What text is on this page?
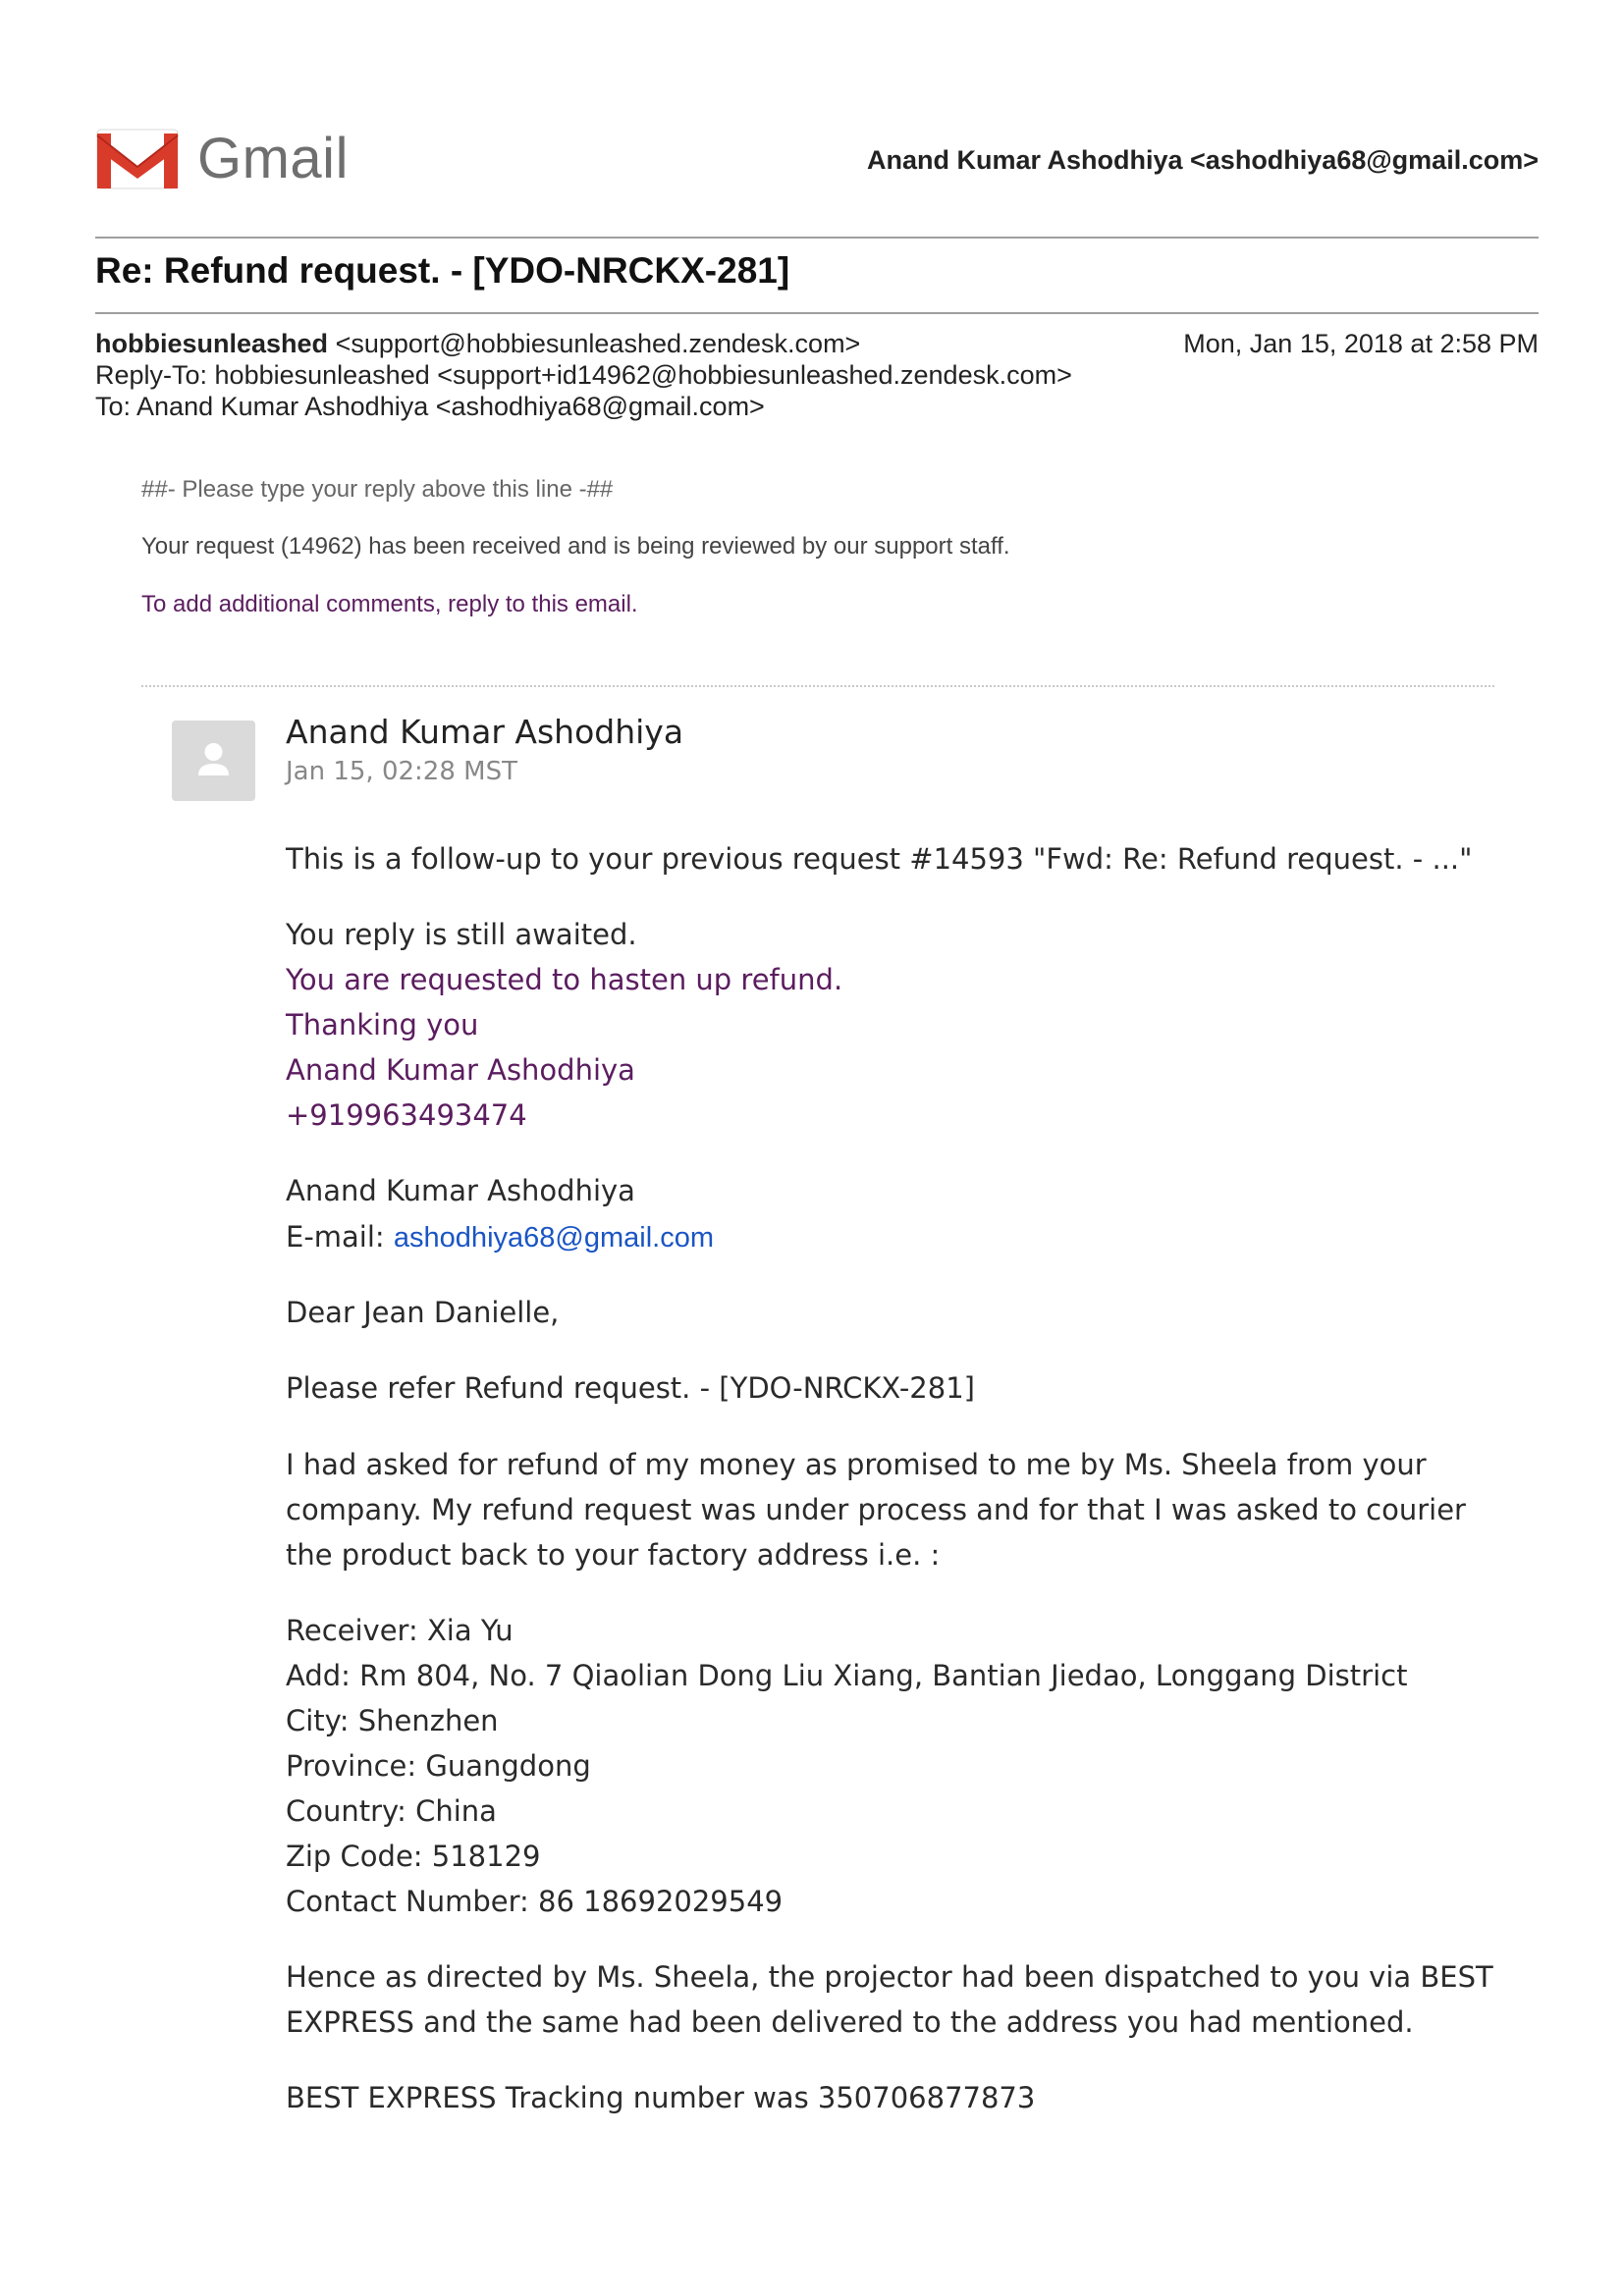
Gmail	Anand Kumar Ashodhiya <ashodhiya68@gmail.com>
Re: Refund request. - [YDO-NRCKX-281]
hobbiesunleashed <support@hobbiesunleashed.zendesk.com>
Reply-To: hobbiesunleashed <support+id14962@hobbiesunleashed.zendesk.com>
To: Anand Kumar Ashodhiya <ashodhiya68@gmail.com>
Mon, Jan 15, 2018 at 2:58 PM

##- Please type your reply above this line -##

Your request (14962) has been received and is being reviewed by our support staff.

To add additional comments, reply to this email.

Anand Kumar Ashodhiya

Jan 15, 02:28 MST

This is a follow-up to your previous request #14593 "Fwd: Re: Refund request. - ..."

You reply is still awaited.

You are requested to hasten up refund.

Thanking you

Anand Kumar Ashodhiya

+919963493474

Anand Kumar Ashodhiya

E-mail: ashodhiya68@gmail.com

Dear Jean Danielle,

Please refer Refund request. - [YDO-NRCKX-281]

I had asked for refund of my money as promised to me by Ms. Sheela from your

company. My refund request was under process and for that I was asked to courier

the product back to your factory address i.e. :

Receiver: Xia Yu

Add: Rm 804, No. 7 Qiaolian Dong Liu Xiang, Bantian Jiedao, Longgang District

City: Shenzhen

Province: Guangdong

Country: China

Zip Code: 518129

Contact Number: 86 18692029549

Hence as directed by Ms. Sheela, the projector had been dispatched to you via BEST

EXPRESS and the same had been delivered to the address you had mentioned.

BEST EXPRESS Tracking number was 350706877873
